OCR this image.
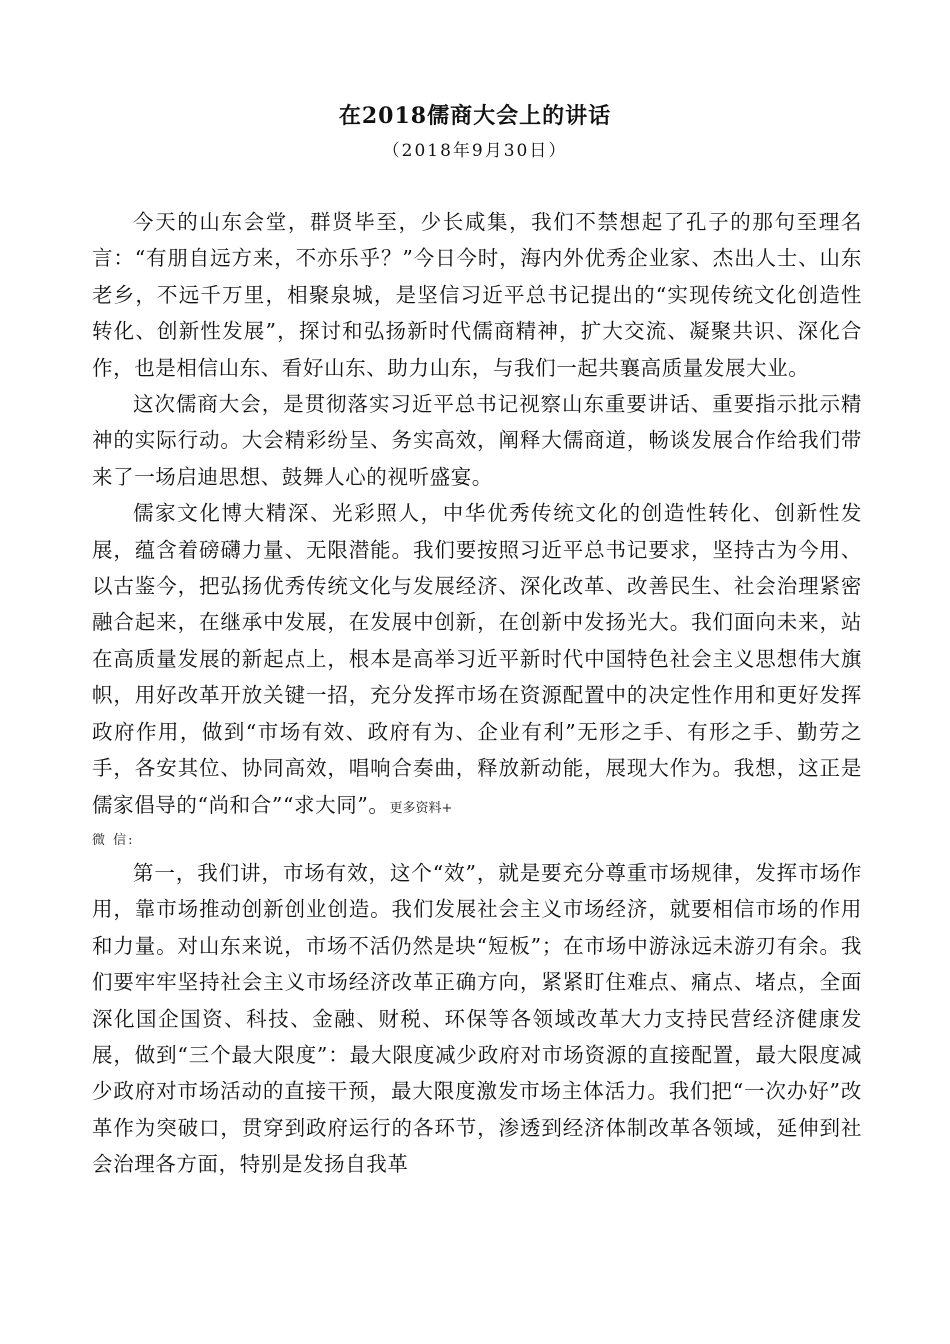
在2018儒商大会上的讲话
（2018年9月30日）

今天的山东会堂，群贤毕至，少长咸集，我们不禁想起了孔子的那句至理名言：“有朋自远方来，不亦乐乎？”今日今时，海内外优秀企业家、杰出人士、山东老乡，不远千万里，相聚泉城，是坚信习近平总书记提出的“实现传统文化创造性转化、创新性发展”，探讨和弘扬新时代儒商精神，扩大交流、凝聚共识、深化合作，也是相信山东、看好山东、助力山东，与我们一起共襄高质量发展大业。

这次儒商大会，是贯彻落实习近平总书记视察山东重要讲话、重要指示批示精神的实际行动。大会精彩纷呈、务实高效，阐释大儒商道，畅谈发展合作给我们带来了一场启迪思想、鼓舞人心的视听盛宴。

儒家文化博大精深、光彩照人，中华优秀传统文化的创造性转化、创新性发展，蕴含着磅礴力量、无限潜能。我们要按照习近平总书记要求，坚持古为今用、以古鉴今，把弘扬优秀传统文化与发展经济、深化改革、改善民生、社会治理紧密融合起来，在继承中发展，在发展中创新，在创新中发扬光大。我们面向未来，站在高质量发展的新起点上，根本是高举习近平新时代中国特色社会主义思想伟大旗帜，用好改革开放关键一招，充分发挥市场在资源配置中的决定性作用和更好发挥政府作用，做到“市场有效、政府有为、企业有利”无形之手、有形之手、勤劳之手，各安其位、协同高效，唱响合奏曲，释放新动能，展现大作为。我想，这正是儒家倡导的“尚和合”“求大同”。更多资料+

微 信:

第一，我们讲，市场有效，这个“效”，就是要充分尊重市场规律，发挥市场作用，靠市场推动创新创业创造。我们发展社会主义市场经济，就要相信市场的作用和力量。对山东来说，市场不活仍然是块“短板”；在市场中游泳远未游刃有余。我们要牢牢坚持社会主义市场经济改革正确方向，紧紧盯住难点、痛点、堵点，全面深化国企国资、科技、金融、财税、环保等各领域改革大力支持民营经济健康发展，做到“三个最大限度”：最大限度减少政府对市场资源的直接配置，最大限度减少政府对市场活动的直接干预，最大限度激发市场主体活力。我们把“一次办好”改革作为突破口，贯穿到政府运行的各环节，渗透到经济体制改革各领域，延伸到社会治理各方面，特别是发扬自我革
